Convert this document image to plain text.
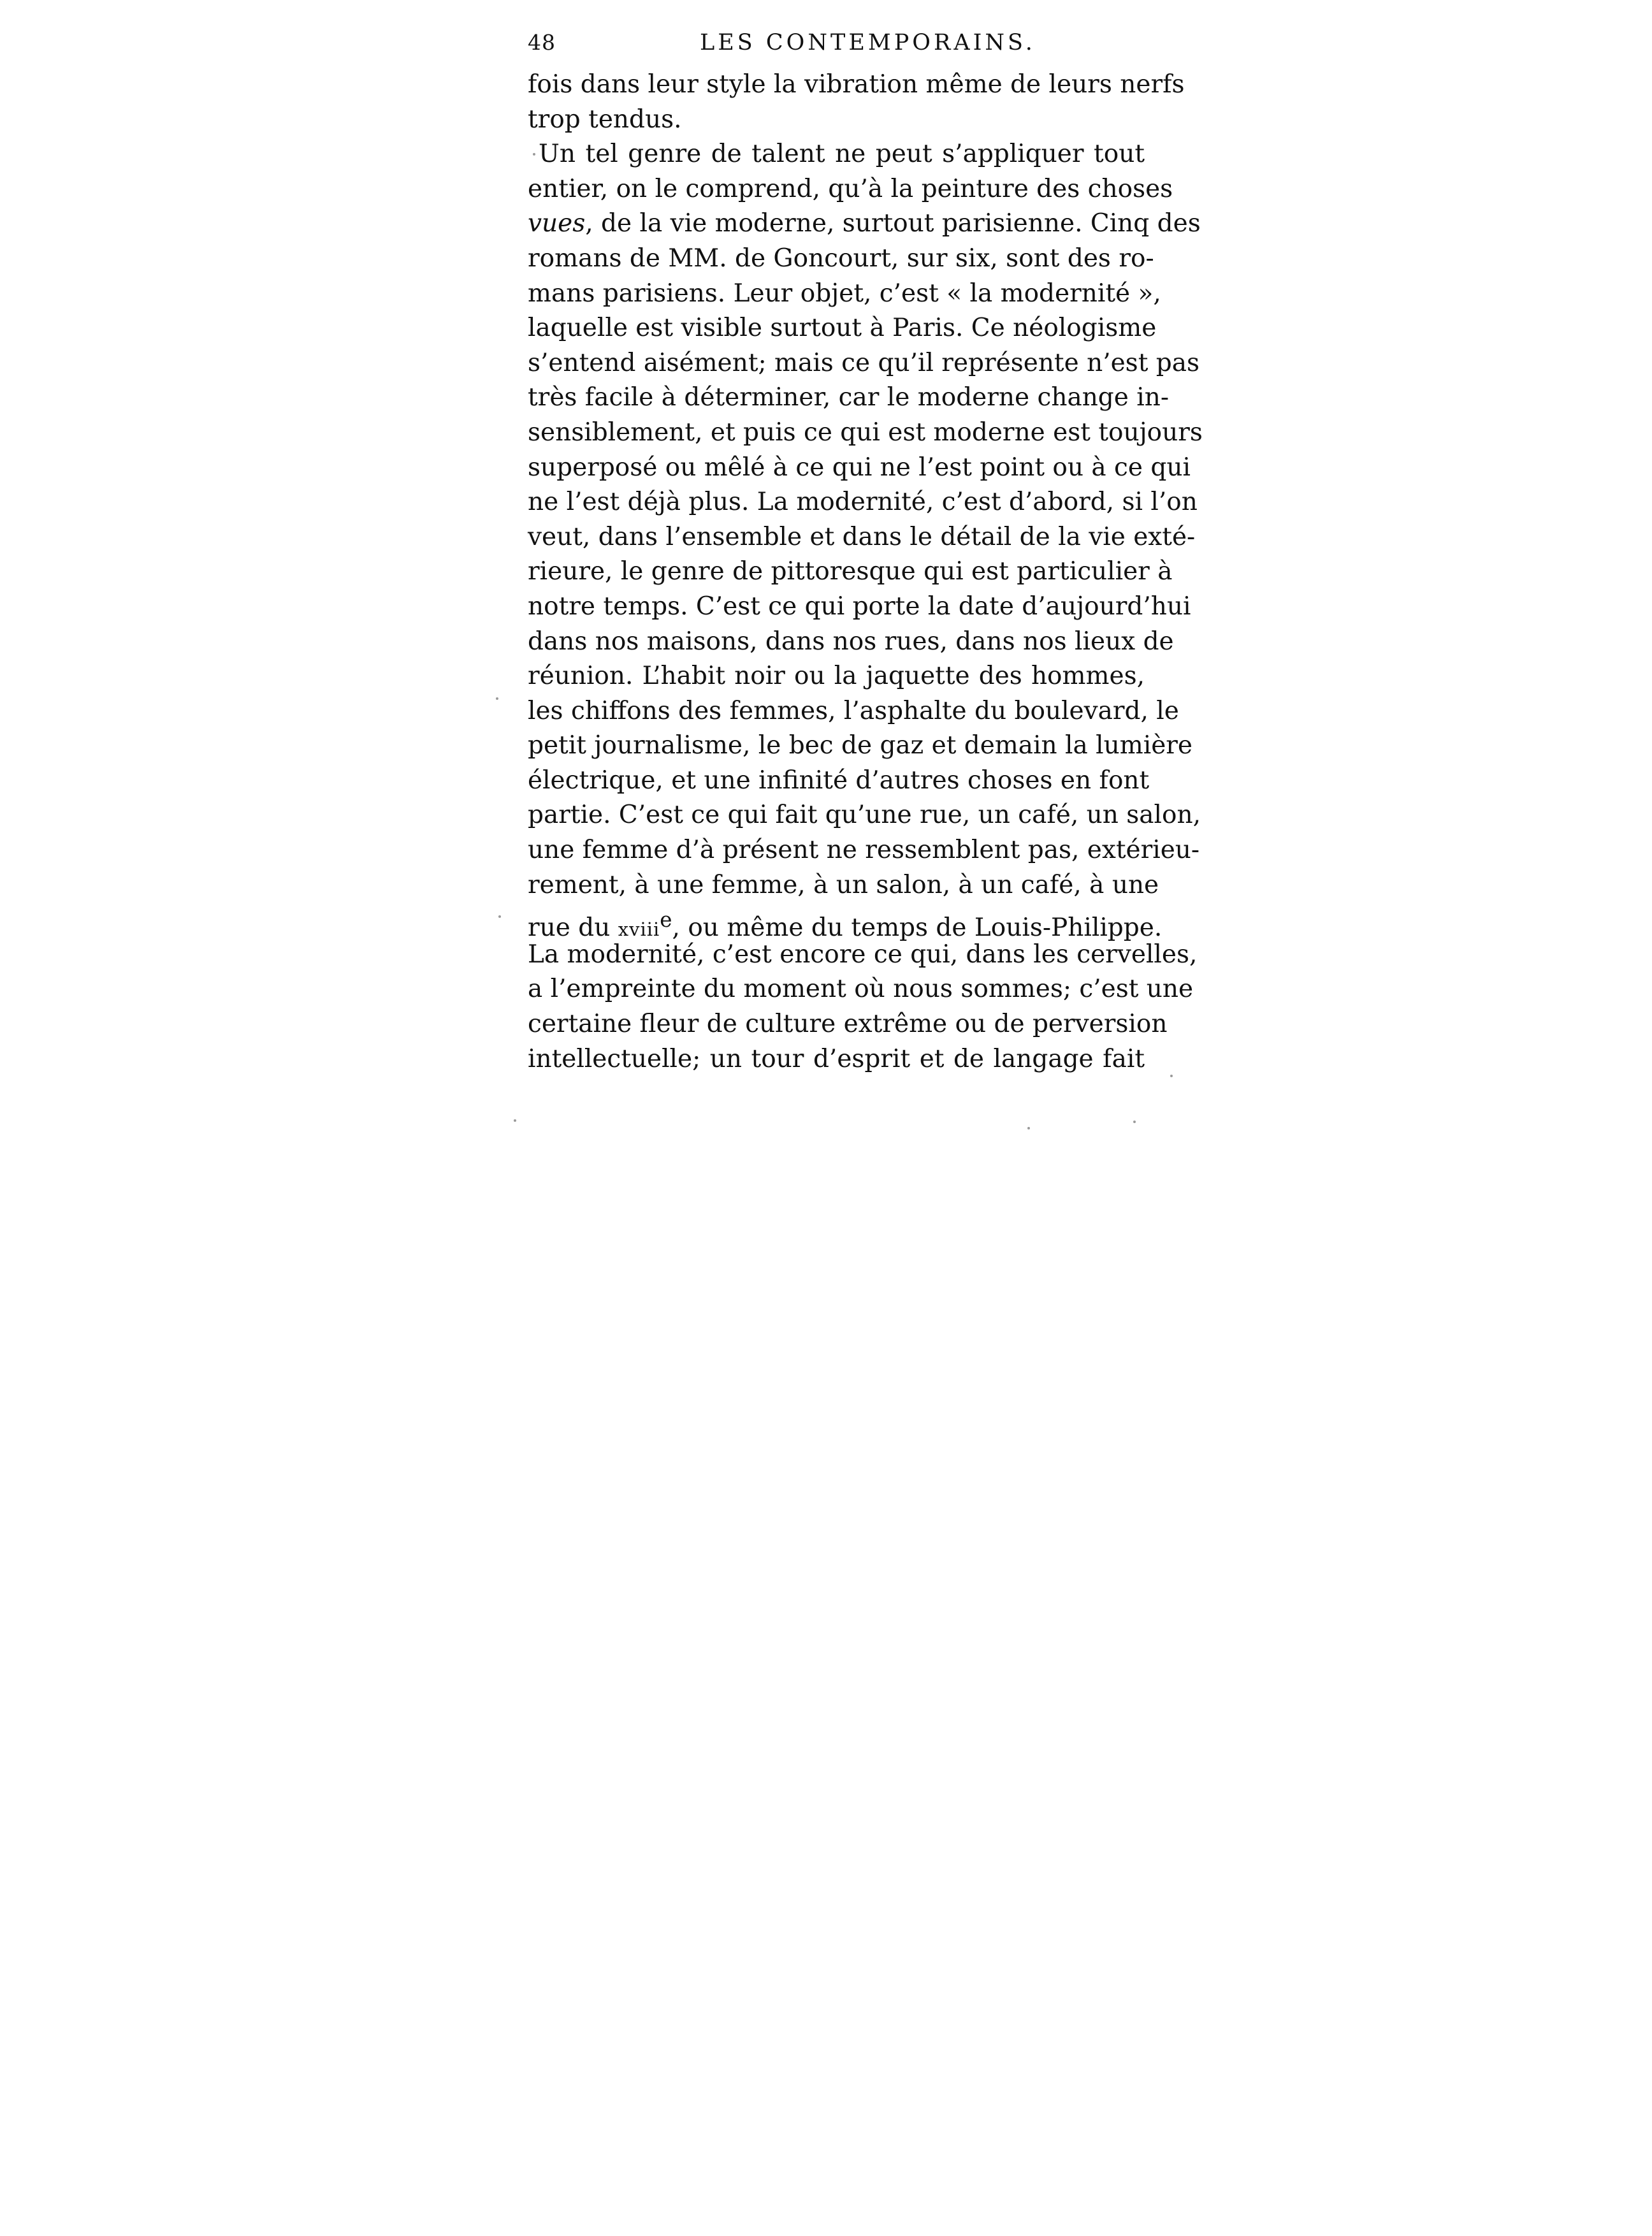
48	LES CONTEMPORAINS.
fois dans leur style la vibration même de leurs nerfs
trop tendus.
Un tel genre de talent ne peut s’appliquer tout
entier, on le comprend, qu’à la peinture des choses
vues, de la vie moderne, surtout parisienne. Cinq des
romans de MM. de Goncourt, sur six, sont des ro-
mans parisiens. Leur objet, c’est « la modernité »,
laquelle est visible surtout à Paris. Ce néologisme
s’entend aisément; mais ce qu’il représente n’est pas
très facile à déterminer, car le moderne change in-
sensiblement, et puis ce qui est moderne est toujours
superposé ou mêlé à ce qui ne l’est point ou à ce qui
ne l’est déjà plus. La modernité, c’est d’abord, si l’on
veut, dans l’ensemble et dans le détail de la vie exté-
rieure, le genre de pittoresque qui est particulier à
notre temps. C’est ce qui porte la date d’aujourd’hui
dans nos maisons, dans nos rues, dans nos lieux de
réunion. L’habit noir ou la jaquette des hommes,
les chiffons des femmes, l’asphalte du boulevard, le
petit journalisme, le bec de gaz et demain la lumière
électrique, et une infinité d’autres choses en font
partie. C’est ce qui fait qu’une rue, un café, un salon,
une femme d’à présent ne ressemblent pas, extérieu-
rement, à une femme, à un salon, à un café, à une
rue du xviii$^e$, ou même du temps de Louis-Philippe.
La modernité, c’est encore ce qui, dans les cervelles,
a l’empreinte du moment où nous sommes; c’est une
certaine fleur de culture extrême ou de perversion
intellectuelle; un tour d’esprit et de langage fait
